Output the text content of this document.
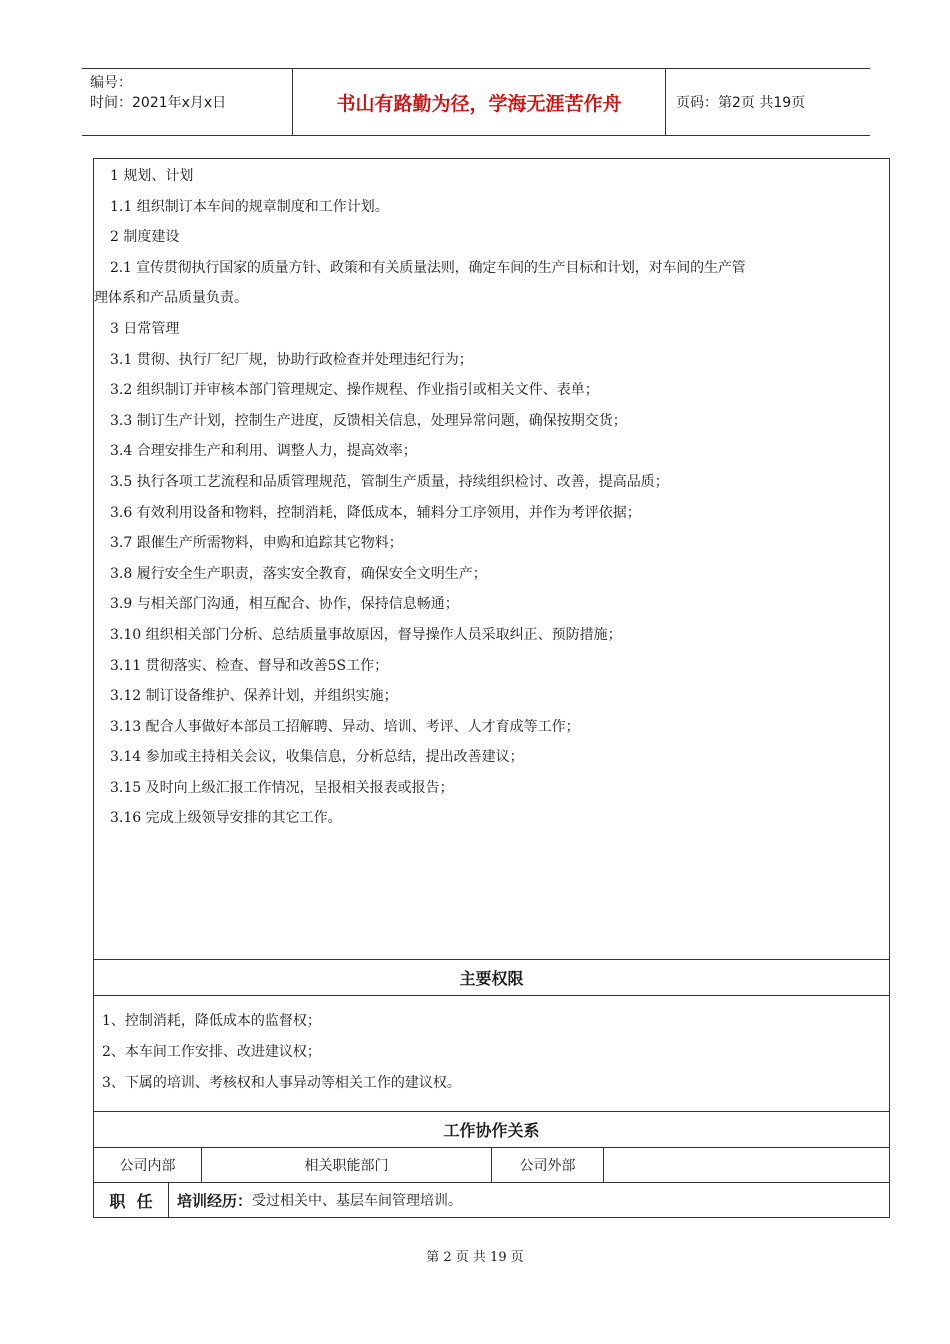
编号：
时间：2021年x月x日	书山有路勤为径，学海无涯苦作舟	页码：第2页 共19页
1 规划、计划
1.1 组织制订本车间的规章制度和工作计划。
2 制度建设
2.1 宣传贯彻执行国家的质量方针、政策和有关质量法则，确定车间的生产目标和计划，对车间的生产管
理体系和产品质量负责。
3 日常管理
3.1 贯彻、执行厂纪厂规，协助行政检查并处理违纪行为；
3.2 组织制订并审核本部门管理规定、操作规程、作业指引或相关文件、表单；
3.3 制订生产计划，控制生产进度，反馈相关信息，处理异常问题，确保按期交货；
3.4 合理安排生产和利用、调整人力，提高效率；
3.5 执行各项工艺流程和品质管理规范，管制生产质量，持续组织检讨、改善，提高品质；
3.6 有效利用设备和物料，控制消耗，降低成本，辅料分工序领用，并作为考评依据；
3.7 跟催生产所需物料，申购和追踪其它物料；
3.8 履行安全生产职责，落实安全教育，确保安全文明生产；
3.9 与相关部门沟通，相互配合、协作，保持信息畅通；
3.10 组织相关部门分析、总结质量事故原因，督导操作人员采取纠正、预防措施；
3.11 贯彻落实、检查、督导和改善5S工作；
3.12 制订设备维护、保养计划，并组织实施；
3.13 配合人事做好本部员工招解聘、异动、培训、考评、人才育成等工作；
3.14 参加或主持相关会议，收集信息，分析总结，提出改善建议；
3.15 及时向上级汇报工作情况，呈报相关报表或报告；
3.16 完成上级领导安排的其它工作。
主要权限
1、控制消耗，降低成本的监督权；
2、本车间工作安排、改进建议权；
3、下属的培训、考核权和人事异动等相关工作的建议权。
工作协作关系
公司内部	相关职能部门	公司外部
职  任	培训经历： 受过相关中、基层车间管理培训。
第 2 页 共 19 页
